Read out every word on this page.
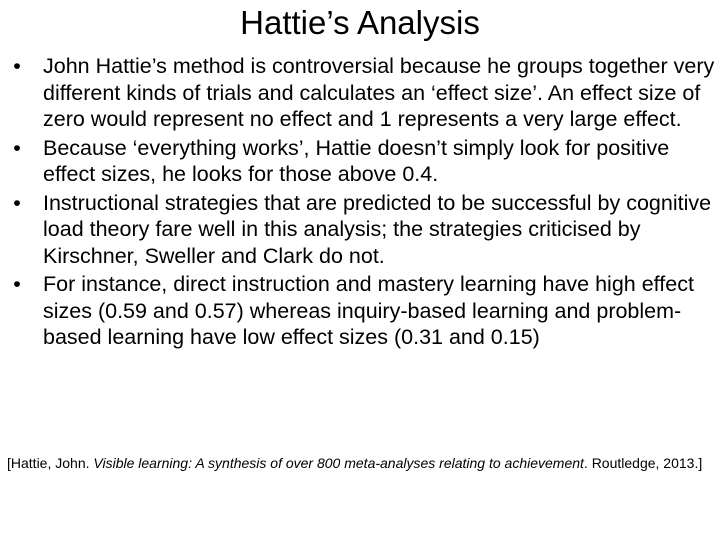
Hattie’s Analysis
• John Hattie’s method is controversial because he groups together very different kinds of trials and calculates an ‘effect size’. An effect size of zero would represent no effect and 1 represents a very large effect.
• Because ‘everything works’, Hattie doesn’t simply look for positive effect sizes, he looks for those above 0.4.
• Instructional strategies that are predicted to be successful by cognitive load theory fare well in this analysis; the strategies criticised by Kirschner, Sweller and Clark do not.
• For instance, direct instruction and mastery learning have high effect sizes (0.59 and 0.57) whereas inquiry-based learning and problem-based learning have low effect sizes (0.31 and 0.15)

[Hattie, John. Visible learning: A synthesis of over 800 meta-analyses relating to achievement. Routledge, 2013.]
